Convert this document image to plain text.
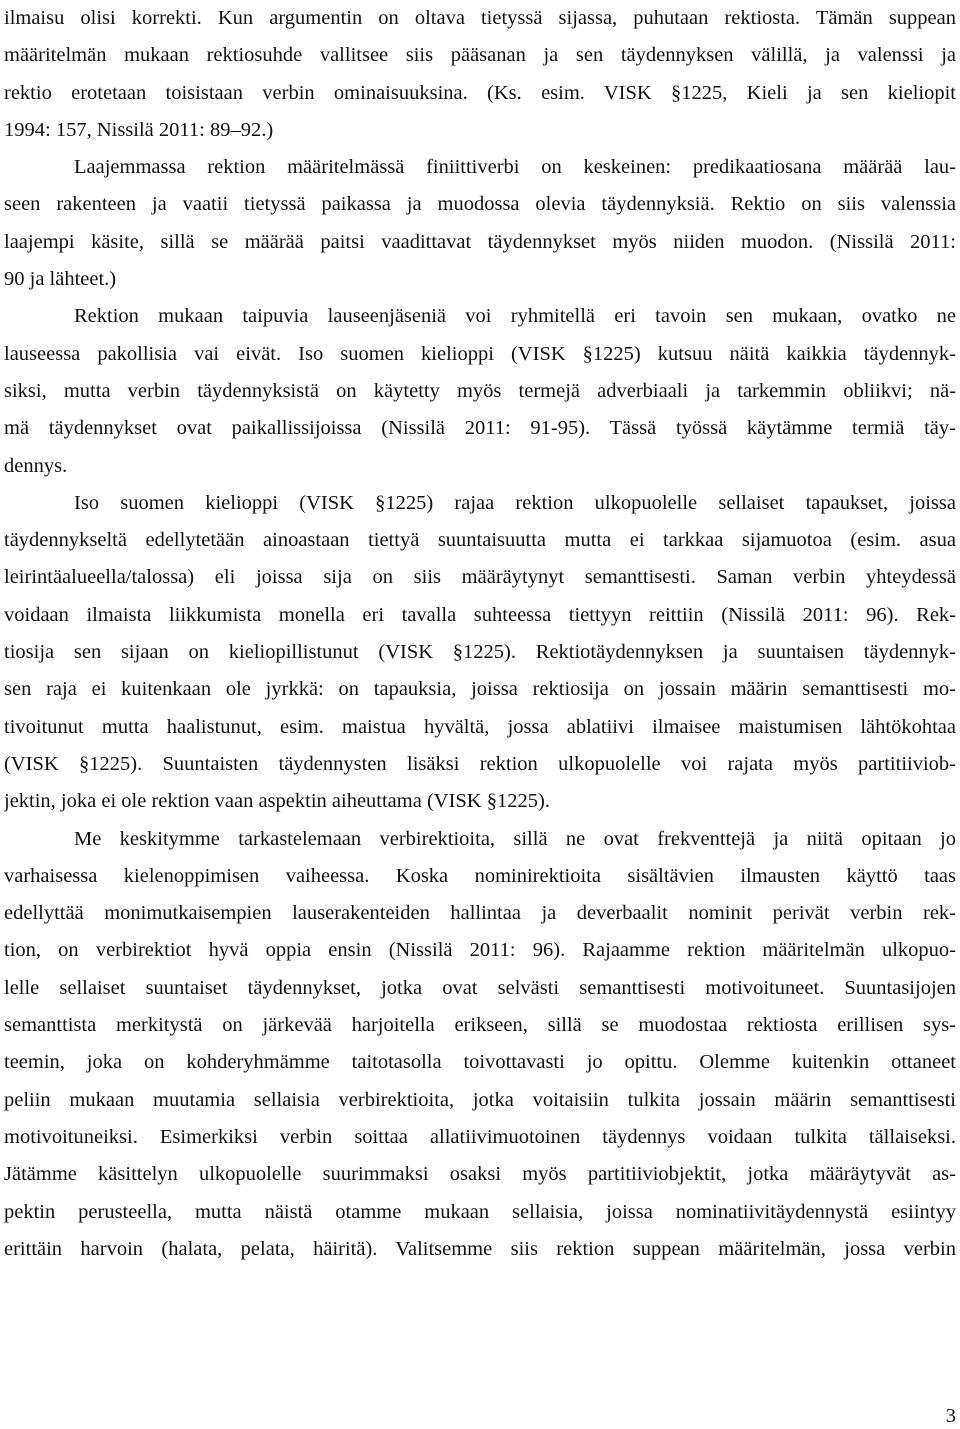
ilmaisu olisi korrekti. Kun argumentin on oltava tietyssä sijassa, puhutaan rektiosta. Tämän suppean
määritelmän mukaan rektiosuhde vallitsee siis pääsanan ja sen täydennyksen välillä, ja valenssi ja
rektio erotetaan toisistaan verbin ominaisuuksina. (Ks. esim. VISK §1225, Kieli ja sen kieliopit
1994: 157, Nissilä 2011: 89–92.)
Laajemmassa rektion määritelmässä finiittiverbi on keskeinen: predikaatiosana määrää lau-
seen rakenteen ja vaatii tietyssä paikassa ja muodossa olevia täydennyksiä. Rektio on siis valenssia
laajempi käsite, sillä se määrää paitsi vaadittavat täydennykset myös niiden muodon. (Nissilä 2011:
90 ja lähteet.)
Rektion mukaan taipuvia lauseenjäseniä voi ryhmitellä eri tavoin sen mukaan, ovatko ne
lauseessa pakollisia vai eivät. Iso suomen kielioppi (VISK §1225) kutsuu näitä kaikkia täydennyk-
siksi, mutta verbin täydennyksistä on käytetty myös termejä adverbiaali ja tarkemmin obliikvi; nä-
mä täydennykset ovat paikallissijoissa (Nissilä 2011: 91-95). Tässä työssä käytämme termiä täy-
dennys.
Iso suomen kielioppi (VISK §1225) rajaa rektion ulkopuolelle sellaiset tapaukset, joissa
täydennykseltä edellytetään ainoastaan tiettyä suuntaisuutta mutta ei tarkkaa sijamuotoa (esim. asua
leirintäalueella/talossa) eli joissa sija on siis määräytynyt semanttisesti. Saman verbin yhteydessä
voidaan ilmaista liikkumista monella eri tavalla suhteessa tiettyyn reittiin (Nissilä 2011: 96). Rek-
tiosija sen sijaan on kieliopillistunut (VISK §1225). Rektiotäydennyksen ja suuntaisen täydennyk-
sen raja ei kuitenkaan ole jyrkkä: on tapauksia, joissa rektiosija on jossain määrin semanttisesti mo-
tivoitunut mutta haalistunut, esim. maistua hyvältä, jossa ablatiivi ilmaisee maistumisen lähtökohtaa
(VISK §1225). Suuntaisten täydennysten lisäksi rektion ulkopuolelle voi rajata myös partitiiviob-
jektin, joka ei ole rektion vaan aspektin aiheuttama (VISK §1225).
Me keskitymme tarkastelemaan verbirektioita, sillä ne ovat frekventtejä ja niitä opitaan jo
varhaisessa kielenoppimisen vaiheessa. Koska nominirektioita sisältävien ilmausten käyttö taas
edellyttää monimutkaisempien lauserakenteiden hallintaa ja deverbaalit nominit perivät verbin rek-
tion, on verbirektiot hyvä oppia ensin (Nissilä 2011: 96). Rajaamme rektion määritelmän ulkopuo-
lelle sellaiset suuntaiset täydennykset, jotka ovat selvästi semanttisesti motivoituneet. Suuntasijojen
semanttista merkitystä on järkevää harjoitella erikseen, sillä se muodostaa rektiosta erillisen sys-
teemin, joka on kohderyhmämme taitotasolla toivottavasti jo opittu. Olemme kuitenkin ottaneet
peliin mukaan muutamia sellaisia verbirektioita, jotka voitaisiin tulkita jossain määrin semanttisesti
motivoituneiksi. Esimerkiksi verbin soittaa allatiivimuotoinen täydennys voidaan tulkita tällaiseksi.
Jätämme käsittelyn ulkopuolelle suurimmaksi osaksi myös partitiiviobjektit, jotka määräytyvät as-
pektin perusteella, mutta näistä otamme mukaan sellaisia, joissa nominatiivitäydennystä esiintyy
erittäin harvoin (halata, pelata, häiritä). Valitsemme siis rektion suppean määritelmän, jossa verbin
3
